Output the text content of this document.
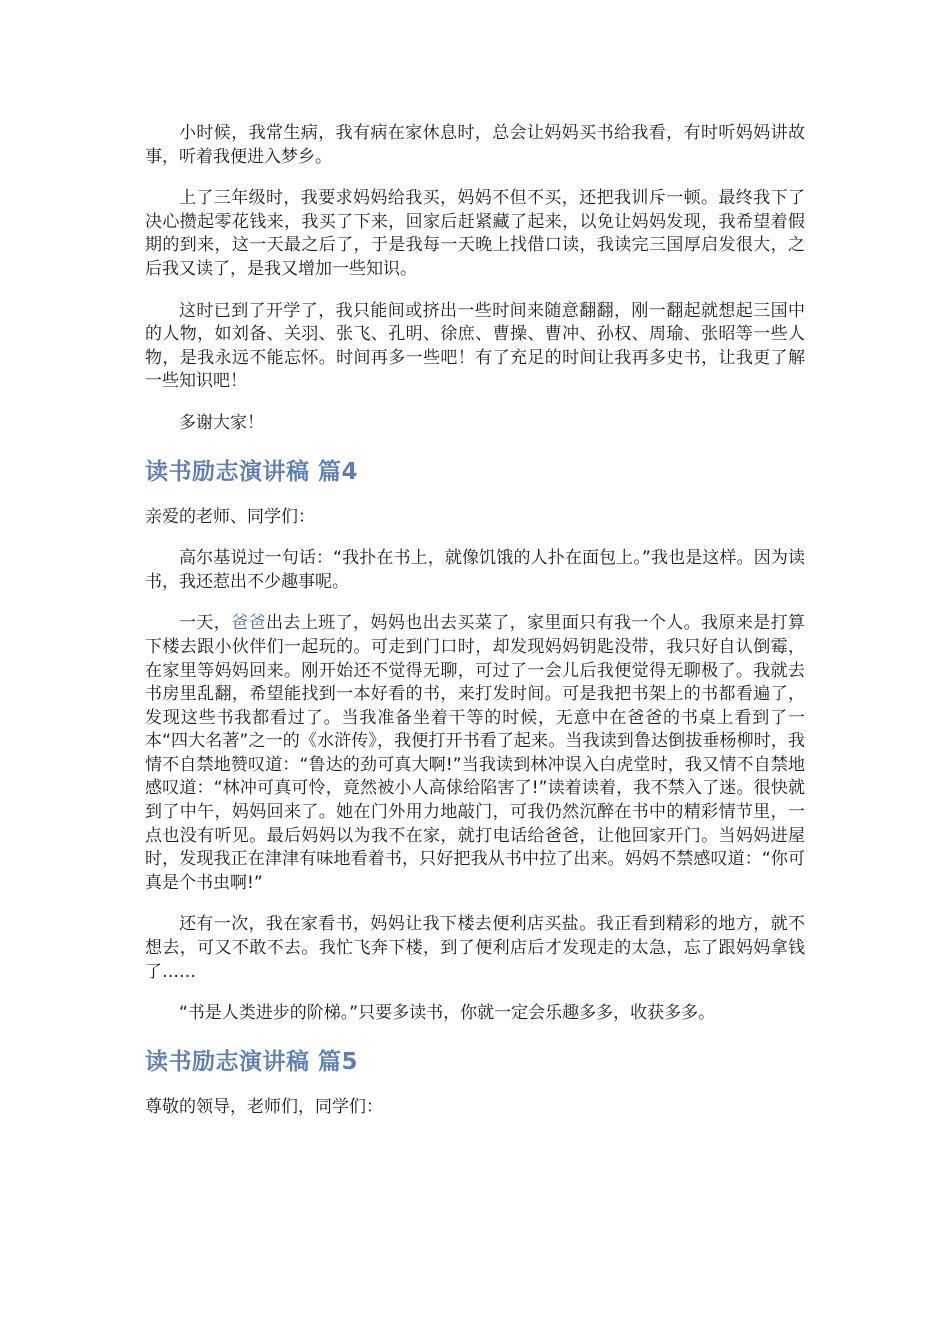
小时候，我常生病，我有病在家休息时，总会让妈妈买书给我看，有时听妈妈讲故事，听着我便进入梦乡。

上了三年级时，我要求妈妈给我买，妈妈不但不买，还把我训斥一顿。最终我下了决心攒起零花钱来，我买了下来，回家后赶紧藏了起来，以免让妈妈发现，我希望着假期的到来，这一天最之后了，于是我每一天晚上找借口读，我读完三国厚启发很大，之后我又读了，是我又增加一些知识。

这时已到了开学了，我只能间或挤出一些时间来随意翻翻，刚一翻起就想起三国中的人物，如刘备、关羽、张飞、孔明、徐庶、曹操、曹冲、孙权、周瑜、张昭等一些人物，是我永远不能忘怀。时间再多一些吧！有了充足的时间让我再多史书，让我更了解一些知识吧！

多谢大家！

读书励志演讲稿 篇4

亲爱的老师、同学们：

高尔基说过一句话：“我扑在书上，就像饥饿的人扑在面包上。”我也是这样。因为读书，我还惹出不少趣事呢。

一天，爸爸出去上班了，妈妈也出去买菜了，家里面只有我一个人。我原来是打算下楼去跟小伙伴们一起玩的。可走到门口时，却发现妈妈钥匙没带，我只好自认倒霉，在家里等妈妈回来。刚开始还不觉得无聊，可过了一会儿后我便觉得无聊极了。我就去书房里乱翻，希望能找到一本好看的书，来打发时间。可是我把书架上的书都看遍了，发现这些书我都看过了。当我准备坐着干等的时候，无意中在爸爸的书桌上看到了一本“四大名著”之一的《水浒传》，我便打开书看了起来。当我读到鲁达倒拔垂杨柳时，我情不自禁地赞叹道：“鲁达的劲可真大啊!”当我读到林冲误入白虎堂时，我又情不自禁地感叹道：“林冲可真可怜，竟然被小人高俅给陷害了!”读着读着，我不禁入了迷。很快就到了中午，妈妈回来了。她在门外用力地敲门，可我仍然沉醉在书中的精彩情节里，一点也没有听见。最后妈妈以为我不在家，就打电话给爸爸，让他回家开门。当妈妈进屋时，发现我正在津津有味地看着书，只好把我从书中拉了出来。妈妈不禁感叹道：“你可真是个书虫啊!”

还有一次，我在家看书，妈妈让我下楼去便利店买盐。我正看到精彩的地方，就不想去，可又不敢不去。我忙飞奔下楼，到了便利店后才发现走的太急，忘了跟妈妈拿钱了……

“书是人类进步的阶梯。”只要多读书，你就一定会乐趣多多，收获多多。

读书励志演讲稿 篇5

尊敬的领导，老师们，同学们：
